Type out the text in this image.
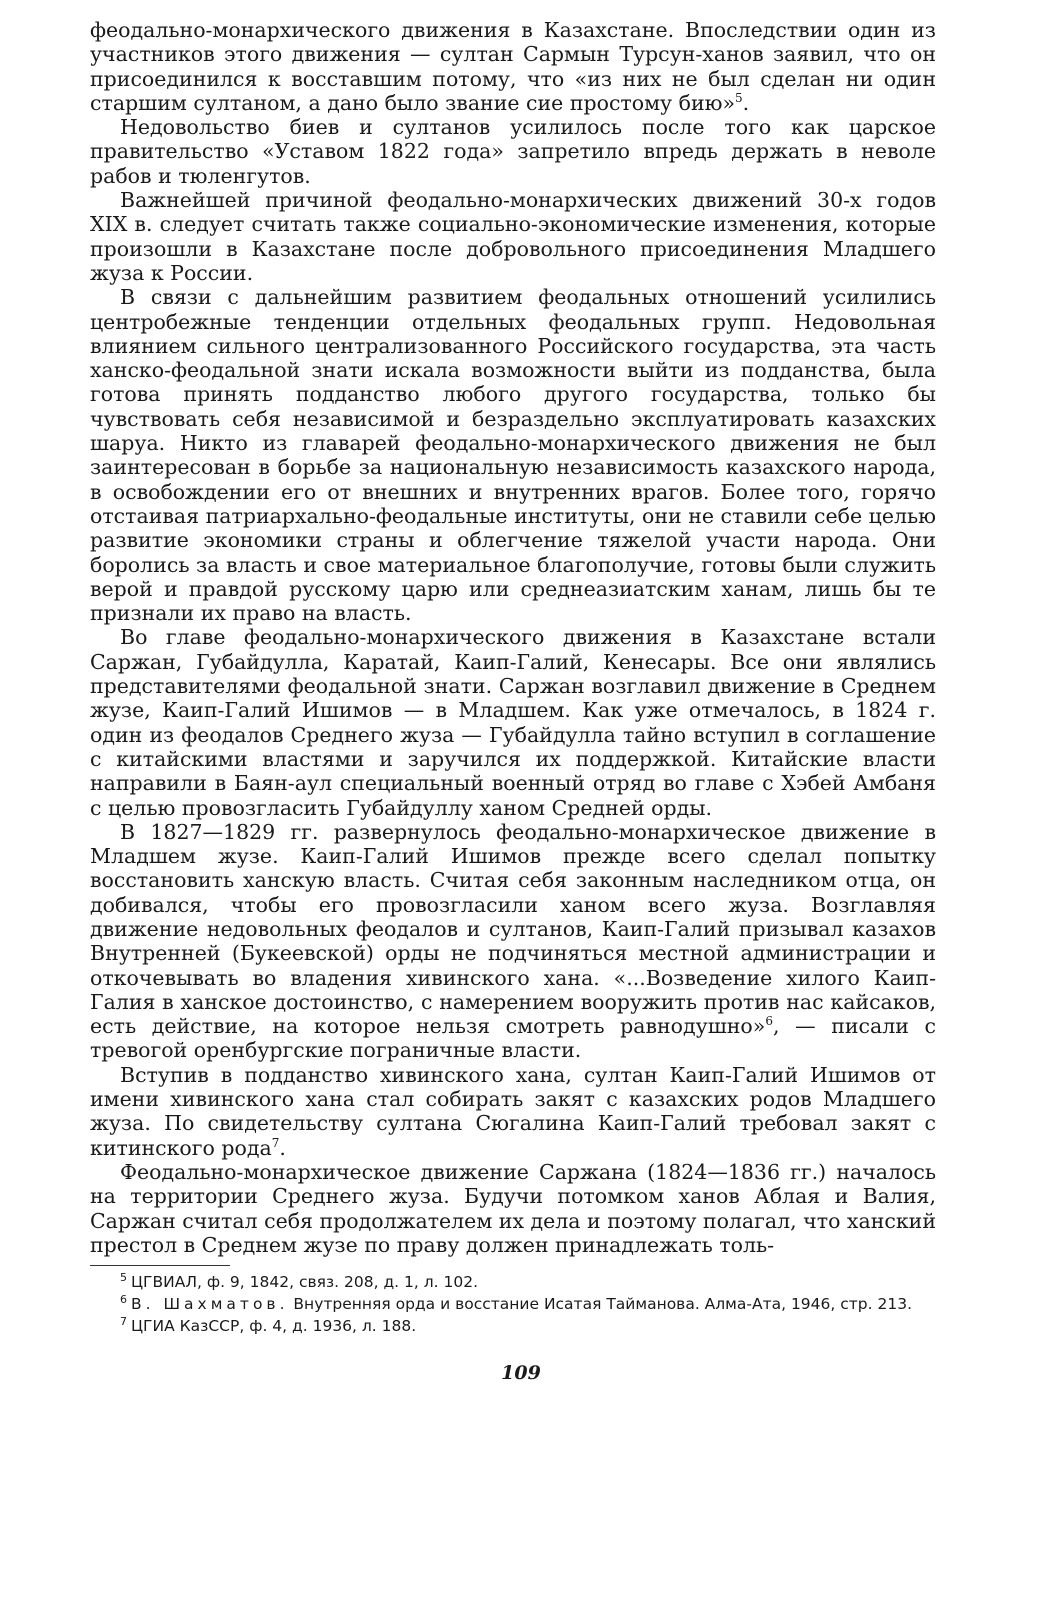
феодально-монархического движения в Казахстане. Впоследствии один из участников этого движения — султан Сармын Турсун-ханов заявил, что он присоединился к восставшим потому, что «из них не был сделан ни один старшим султаном, а дано было звание сие простому бию»$^5$.

Недовольство биев и султанов усилилось после того как царское правительство «Уставом 1822 года» запретило впредь держать в неволе рабов и тюленгутов.

Важнейшей причиной феодально-монархических движений 30-х годов XIX в. следует считать также социально-экономические изменения, которые произошли в Казахстане после добровольного присоединения Младшего жуза к России.

В связи с дальнейшим развитием феодальных отношений усилились центробежные тенденции отдельных феодальных групп. Недовольная влиянием сильного централизованного Российского государства, эта часть ханско-феодальной знати искала возможности выйти из подданства, была готова принять подданство любого другого государства, только бы чувствовать себя независимой и безраздельно эксплуатировать казахских шаруа. Никто из главарей феодально-монархического движения не был заинтересован в борьбе за национальную независимость казахского народа, в освобождении его от внешних и внутренних врагов. Более того, горячо отстаивая патриархально-феодальные институты, они не ставили себе целью развитие экономики страны и облегчение тяжелой участи народа. Они боролись за власть и свое материальное благополучие, готовы были служить верой и правдой русскому царю или среднеазиатским ханам, лишь бы те признали их право на власть.

Во главе феодально-монархического движения в Казахстане встали Саржан, Губайдулла, Каратай, Каип-Галий, Кенесары. Все они являлись представителями феодальной знати. Саржан возглавил движение в Среднем жузе, Каип-Галий Ишимов — в Младшем. Как уже отмечалось, в 1824 г. один из феодалов Среднего жуза — Губайдулла тайно вступил в соглашение с китайскими властями и заручился их поддержкой. Китайские власти направили в Баян-аул специальный военный отряд во главе с Хэбей Амбаня с целью провозгласить Губайдуллу ханом Средней орды.

В 1827—1829 гг. развернулось феодально-монархическое движение в Младшем жузе. Каип-Галий Ишимов прежде всего сделал попытку восстановить ханскую власть. Считая себя законным наследником отца, он добивался, чтобы его провозгласили ханом всего жуза. Возглавляя движение недовольных феодалов и султанов, Каип-Галий призывал казахов Внутренней (Букеевской) орды не подчиняться местной администрации и откочевывать во владения хивинского хана. «...Возведение хилого Каип-Галия в ханское достоинство, с намерением вооружить против нас кайсаков, есть действие, на которое нельзя смотреть равнодушно»$^6$, — писали с тревогой оренбургские пограничные власти.

Вступив в подданство хивинского хана, султан Каип-Галий Ишимов от имени хивинского хана стал собирать закят с казахских родов Младшего жуза. По свидетельству султана Сюгалина Каип-Галий требовал закят с китинского рода$^7$.

Феодально-монархическое движение Саржана (1824—1836 гг.) началось на территории Среднего жуза. Будучи потомком ханов Аблая и Валия, Саржан считал себя продолжателем их дела и поэтому полагал, что ханский престол в Среднем жузе по праву должен принадлежать толь-

$^5$ ЦГВИАЛ, ф. 9, 1842, связ. 208, д. 1, л. 102.

$^6$ В. Шахматов. Внутренняя орда и восстание Исатая Тайманова. Алма-Ата, 1946, стр. 213.

$^7$ ЦГИА КазССР, ф. 4, д. 1936, л. 188.

109
